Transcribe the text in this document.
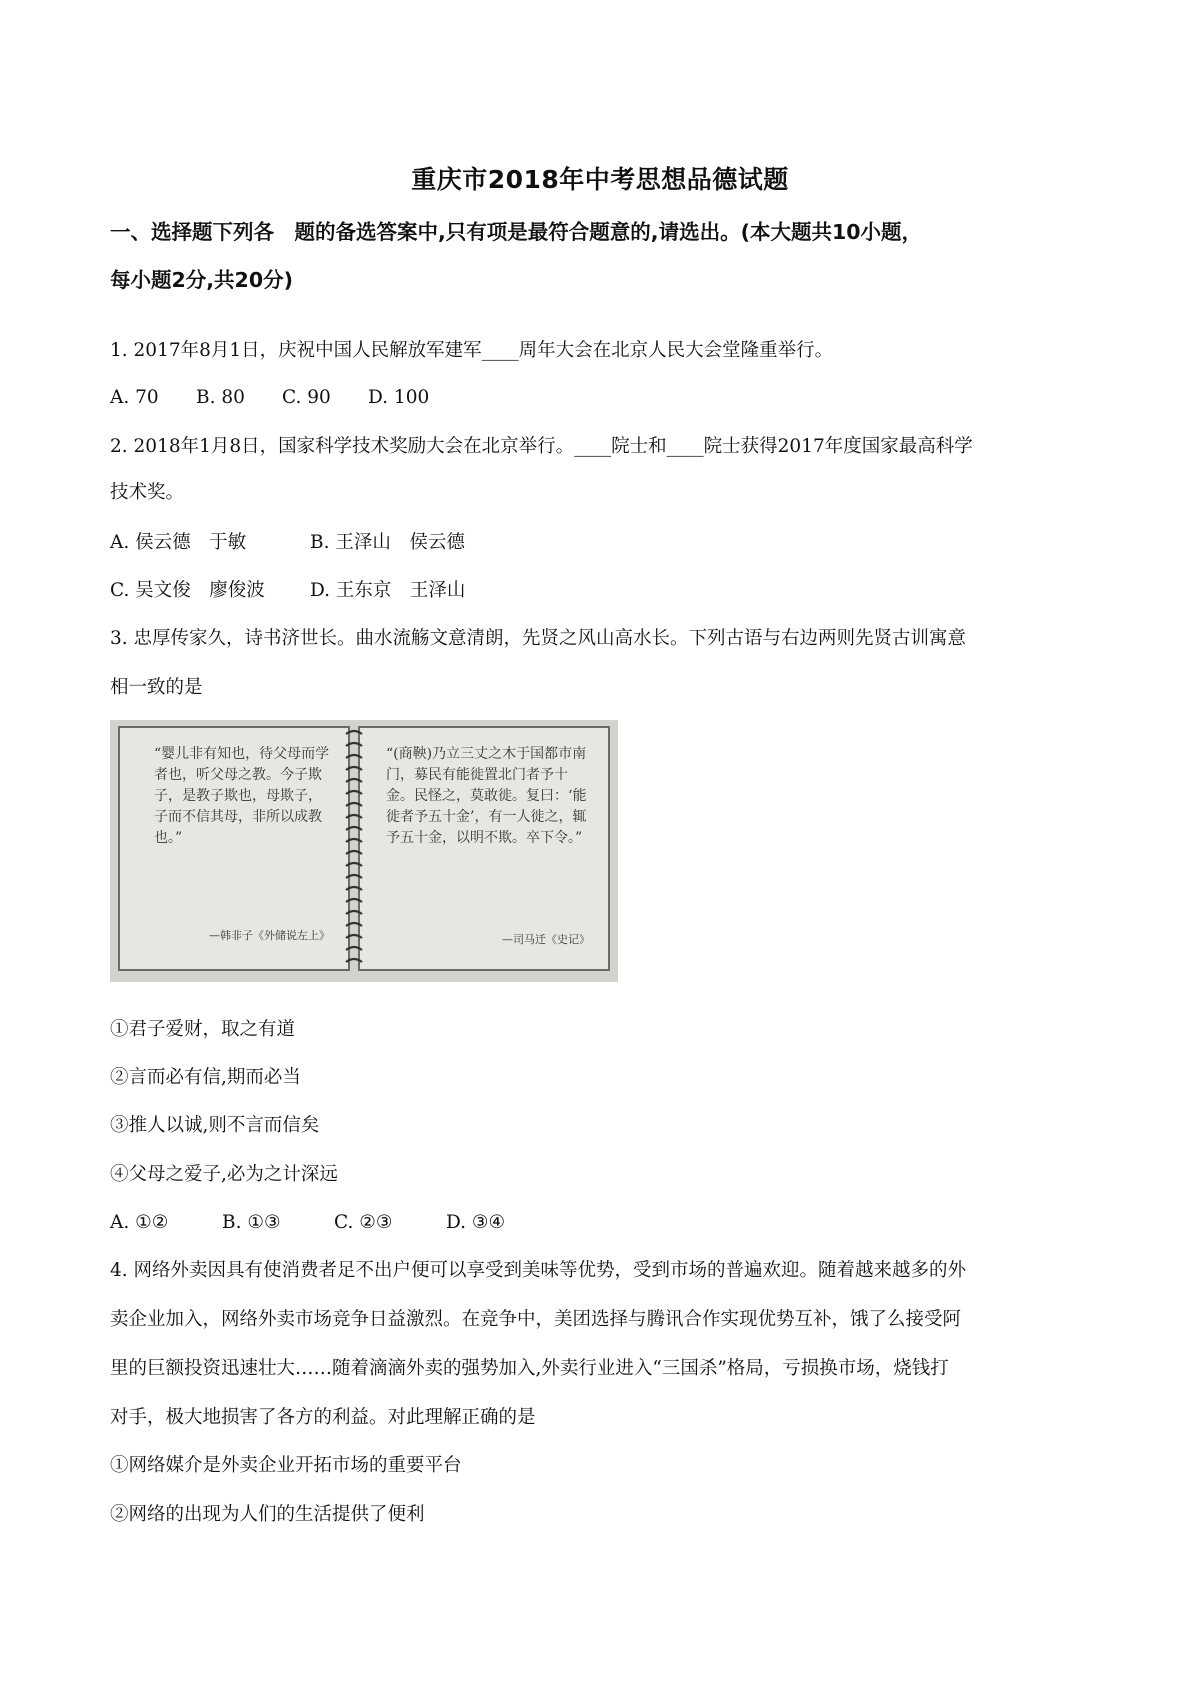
重庆市2018年中考思想品德试题
一、选择题下列各　题的备选答案中,只有项是最符合题意的,请选出。(本大题共10小题，
每小题2分,共20分)
1. 2017年8月1日，庆祝中国人民解放军建军____周年大会在北京人民大会堂隆重举行。
A. 70 B. 80 C. 90 D. 100
2. 2018年1月8日，国家科学技术奖励大会在北京举行。____院士和____院士获得2017年度国家最高科学
技术奖。
A. 侯云德　于敏	B. 王泽山　侯云德
C. 吴文俊　廖俊波 D. 王东京　王泽山
3. 忠厚传家久，诗书济世长。曲水流觞文意清朗，先贤之风山高水长。下列古语与右边两则先贤古训寓意
相一致的是
“婴儿非有知也，待父母而学者也，听父母之教。今子欺子，是教子欺也，母欺子，子而不信其母，非所以成教也。”
—韩非子《外储说左上》
“(商鞅)乃立三丈之木于国都市南门，募民有能徙置北门者予十金。民怪之，莫敢徙。复曰：‘能徙者予五十金’，有一人徙之，辄予五十金，以明不欺。卒下令。”
—司马迁《史记》
①君子爱财，取之有道
②言而必有信,期而必当
③推人以诚,则不言而信矣
④父母之爱子,必为之计深远
A. ①②	B. ①③	C. ②③	D. ③④
4. 网络外卖因具有使消费者足不出户便可以享受到美味等优势，受到市场的普遍欢迎。随着越来越多的外
卖企业加入，网络外卖市场竞争日益激烈。在竞争中，美团选择与腾讯合作实现优势互补，饿了么接受阿
里的巨额投资迅速壮大……随着滴滴外卖的强势加入,外卖行业进入“三国杀”格局，亏损换市场，烧钱打
对手，极大地损害了各方的利益。对此理解正确的是
①网络媒介是外卖企业开拓市场的重要平台
②网络的出现为人们的生活提供了便利
